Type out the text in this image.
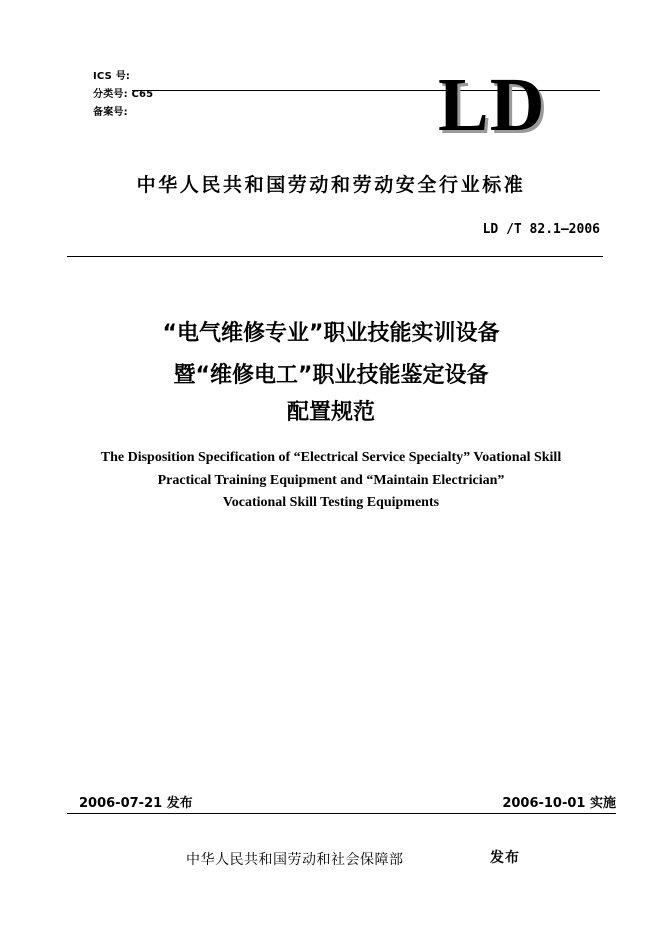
ICS 号:
分类号: C65
备案号:	LD
中华人民共和国劳动和劳动安全行业标准
LD /T 82.1—2006
“电气维修专业”职业技能实训设备
暨“维修电工”职业技能鉴定设备
配置规范
The Disposition Specification of “Electrical Service Specialty” Voational Skill
Practical Training Equipment and “Maintain Electrician”
Vocational Skill Testing Equipments
2006-07-21 发布	2006-10-01 实施
中华人民共和国劳动和社会保障部	发布
